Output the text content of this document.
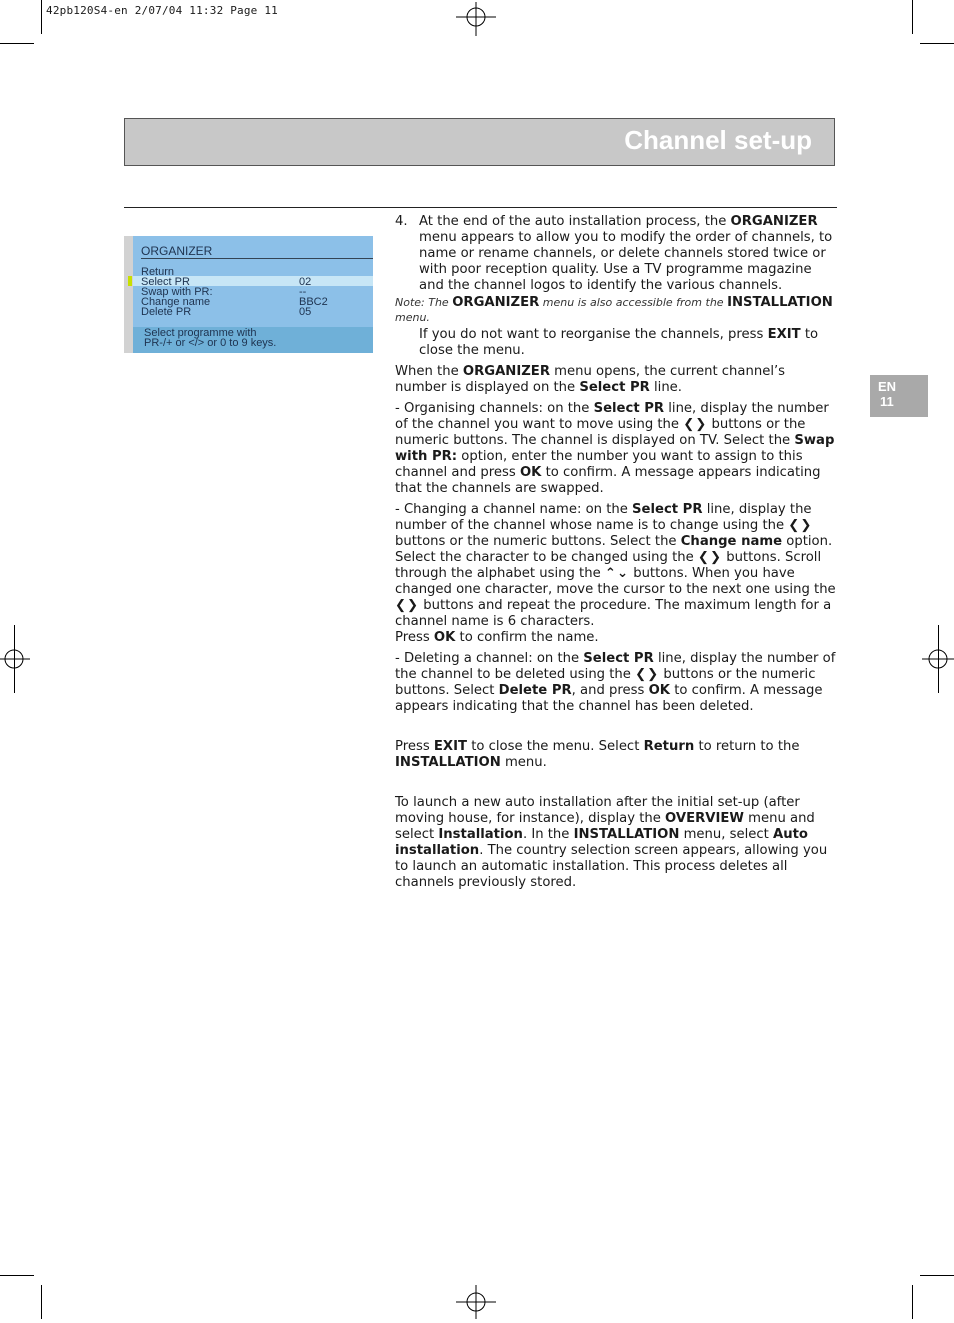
42pb120S4-en 2/07/04 11:32 Page 11
Channel set-up
ORGANIZER
Return
Select PR	02
Swap with PR:	--
Change name	BBC2
Delete PR	05
Select programme with
PR-/+ or </> or 0 to 9 keys.

4. At the end of the auto installation process, the ORGANIZER menu appears to allow you to modify the order of channels, to name or rename channels, or delete channels stored twice or with poor reception quality. Use a TV programme magazine and the channel logos to identify the various channels.

Note: The ORGANIZER menu is also accessible from the INSTALLATION menu.

If you do not want to reorganise the channels, press EXIT to close the menu.

When the ORGANIZER menu opens, the current channel’s number is displayed on the Select PR line.

- Organising channels: on the Select PR line, display the number of the channel you want to move using the ❮❯ buttons or the numeric buttons. The channel is displayed on TV. Select the Swap with PR: option, enter the number you want to assign to this channel and press OK to confirm. A message appears indicating that the channels are swapped.

- Changing a channel name: on the Select PR line, display the number of the channel whose name is to change using the ❮❯ buttons or the numeric buttons. Select the Change name option. Select the character to be changed using the ❮❯ buttons. Scroll through the alphabet using the ⌃⌄ buttons. When you have changed one character, move the cursor to the next one using the ❮❯ buttons and repeat the procedure. The maximum length for a channel name is 6 characters.
Press OK to confirm the name.

- Deleting a channel: on the Select PR line, display the number of the channel to be deleted using the ❮❯ buttons or the numeric buttons. Select Delete PR, and press OK to confirm. A message appears indicating that the channel has been deleted.

Press EXIT to close the menu. Select Return to return to the INSTALLATION menu.

To launch a new auto installation after the initial set-up (after moving house, for instance), display the OVERVIEW menu and select Installation. In the INSTALLATION menu, select Auto installation. The country selection screen appears, allowing you to launch an automatic installation. This process deletes all channels previously stored.

EN
11
